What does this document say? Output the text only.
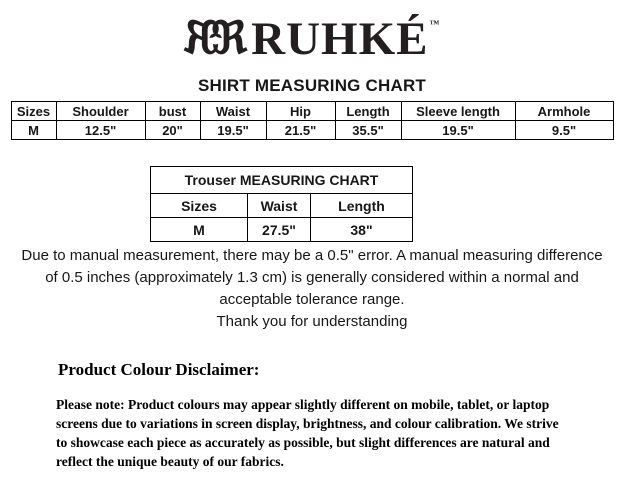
ℜ
ℜ RUHKÉ ™
SHIRT MEASURING CHART
Sizes	Shoulder	bust	Waist	Hip	Length	Sleeve length	Armhole
M	12.5"	20"	19.5"	21.5"	35.5"	19.5"	9.5"
Trouser MEASURING CHART		
Sizes	Waist	Length
M	27.5"	38"
Due to manual measurement, there may be a 0.5" error. A manual measuring difference
of 0.5 inches (approximately 1.3 cm) is generally considered within a normal and
acceptable tolerance range.
Thank you for understanding
Product Colour Disclaimer:
Please note: Product colours may appear slightly different on mobile, tablet, or laptop
screens due to variations in screen display, brightness, and colour calibration. We strive
to showcase each piece as accurately as possible, but slight differences are natural and
reflect the unique beauty of our fabrics.
